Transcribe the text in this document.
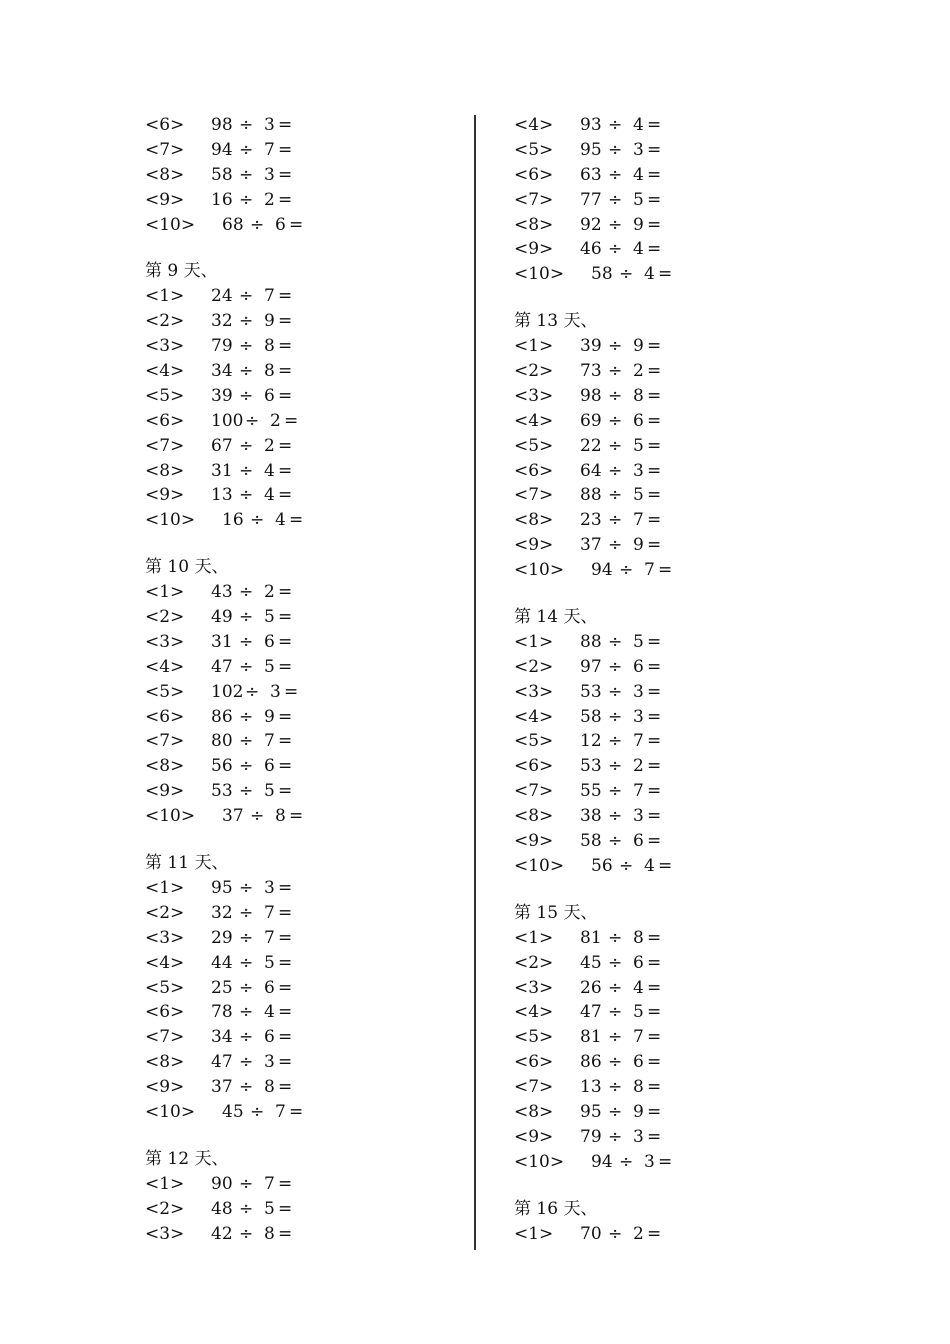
<6> 98 ÷ 3 =
<7> 94 ÷ 7 =
<8> 58 ÷ 3 =
<9> 16 ÷ 2 =
<10> 68 ÷ 6 =
第 9 天、
<1> 24 ÷ 7 =
<2> 32 ÷ 9 =
<3> 79 ÷ 8 =
<4> 34 ÷ 8 =
<5> 39 ÷ 6 =
<6> 100÷ 2 =
<7> 67 ÷ 2 =
<8> 31 ÷ 4 =
<9> 13 ÷ 4 =
<10> 16 ÷ 4 =
第 10 天、
<1> 43 ÷ 2 =
<2> 49 ÷ 5 =
<3> 31 ÷ 6 =
<4> 47 ÷ 5 =
<5> 102÷ 3 =
<6> 86 ÷ 9 =
<7> 80 ÷ 7 =
<8> 56 ÷ 6 =
<9> 53 ÷ 5 =
<10> 37 ÷ 8 =
第 11 天、
<1> 95 ÷ 3 =
<2> 32 ÷ 7 =
<3> 29 ÷ 7 =
<4> 44 ÷ 5 =
<5> 25 ÷ 6 =
<6> 78 ÷ 4 =
<7> 34 ÷ 6 =
<8> 47 ÷ 3 =
<9> 37 ÷ 8 =
<10> 45 ÷ 7 =
第 12 天、
<1> 90 ÷ 7 =
<2> 48 ÷ 5 =
<3> 42 ÷ 8 =
<4> 93 ÷ 4 =
<5> 95 ÷ 3 =
<6> 63 ÷ 4 =
<7> 77 ÷ 5 =
<8> 92 ÷ 9 =
<9> 46 ÷ 4 =
<10> 58 ÷ 4 =
第 13 天、
<1> 39 ÷ 9 =
<2> 73 ÷ 2 =
<3> 98 ÷ 8 =
<4> 69 ÷ 6 =
<5> 22 ÷ 5 =
<6> 64 ÷ 3 =
<7> 88 ÷ 5 =
<8> 23 ÷ 7 =
<9> 37 ÷ 9 =
<10> 94 ÷ 7 =
第 14 天、
<1> 88 ÷ 5 =
<2> 97 ÷ 6 =
<3> 53 ÷ 3 =
<4> 58 ÷ 3 =
<5> 12 ÷ 7 =
<6> 53 ÷ 2 =
<7> 55 ÷ 7 =
<8> 38 ÷ 3 =
<9> 58 ÷ 6 =
<10> 56 ÷ 4 =
第 15 天、
<1> 81 ÷ 8 =
<2> 45 ÷ 6 =
<3> 26 ÷ 4 =
<4> 47 ÷ 5 =
<5> 81 ÷ 7 =
<6> 86 ÷ 6 =
<7> 13 ÷ 8 =
<8> 95 ÷ 9 =
<9> 79 ÷ 3 =
<10> 94 ÷ 3 =
第 16 天、
<1> 70 ÷ 2 =
